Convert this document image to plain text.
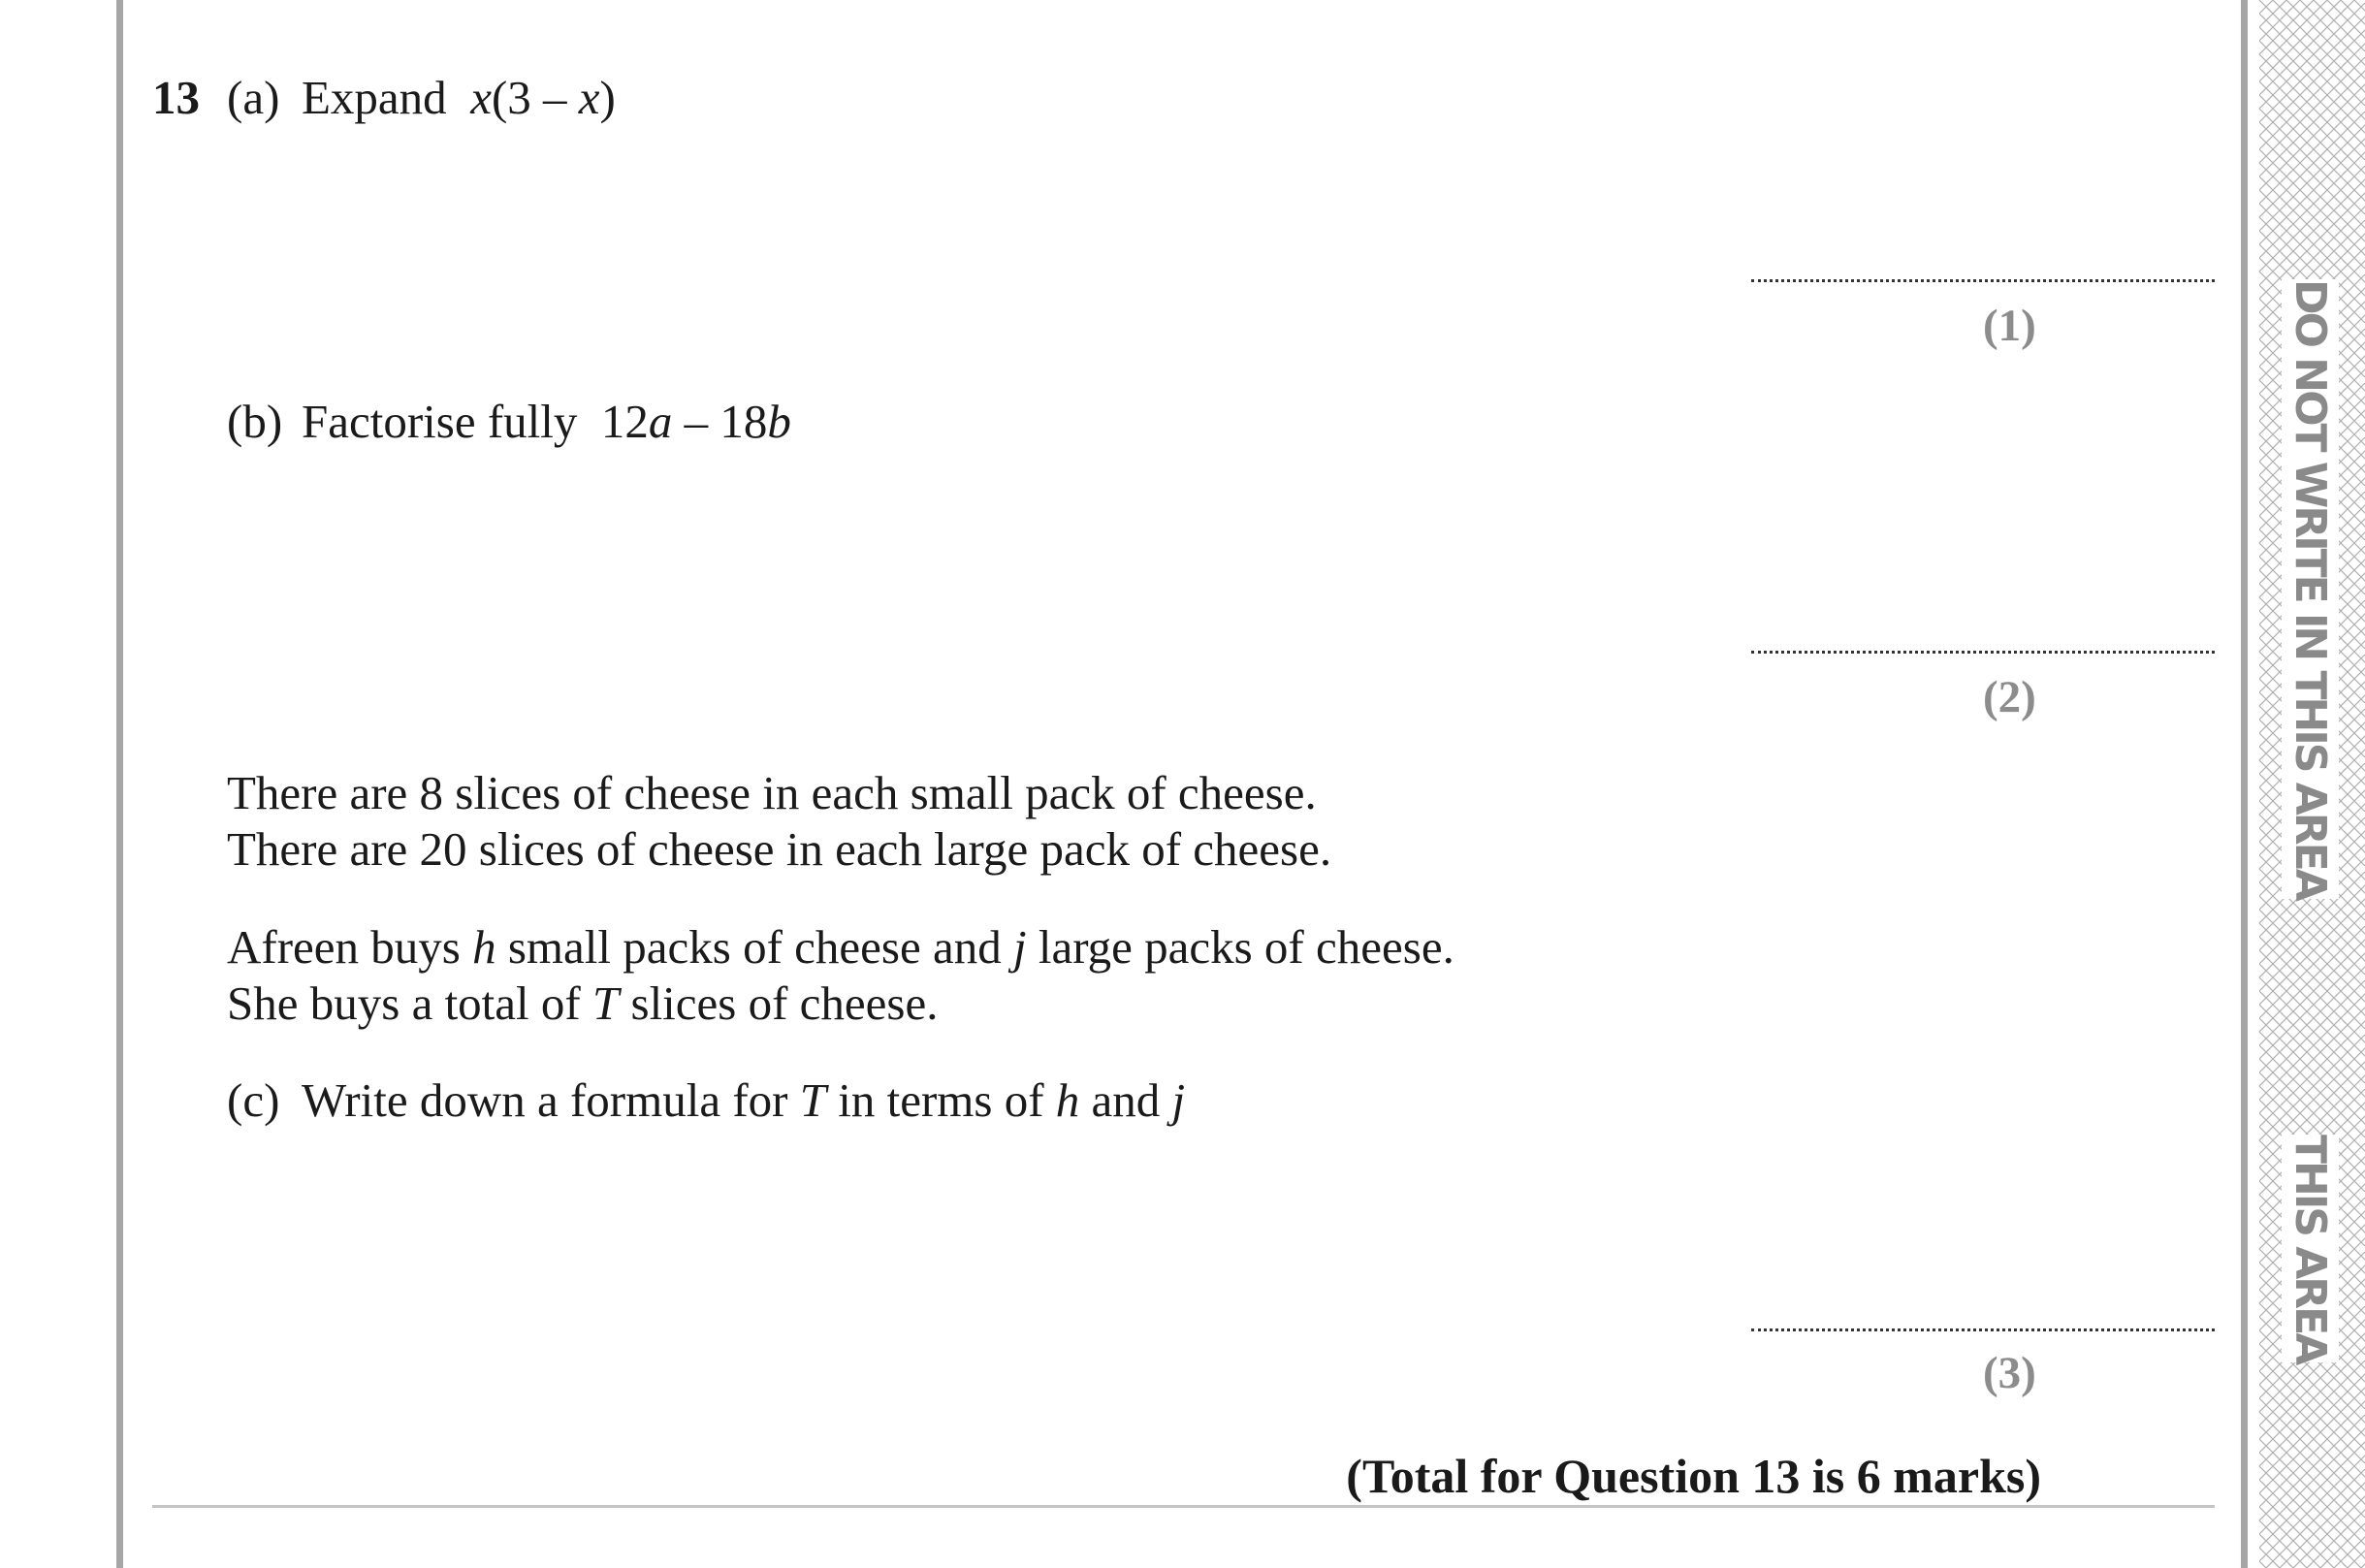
DO NOT WRITE IN THIS AREA
THIS AREA
13 (a) Expand x(3 – x)
(1)
(b) Factorise fully 12a – 18b
(2)
There are 8 slices of cheese in each small pack of cheese.
There are 20 slices of cheese in each large pack of cheese.
Afreen buys h small packs of cheese and j large packs of cheese.
She buys a total of T slices of cheese.
(c) Write down a formula for T in terms of h and j
(3)
(Total for Question 13 is 6 marks)
